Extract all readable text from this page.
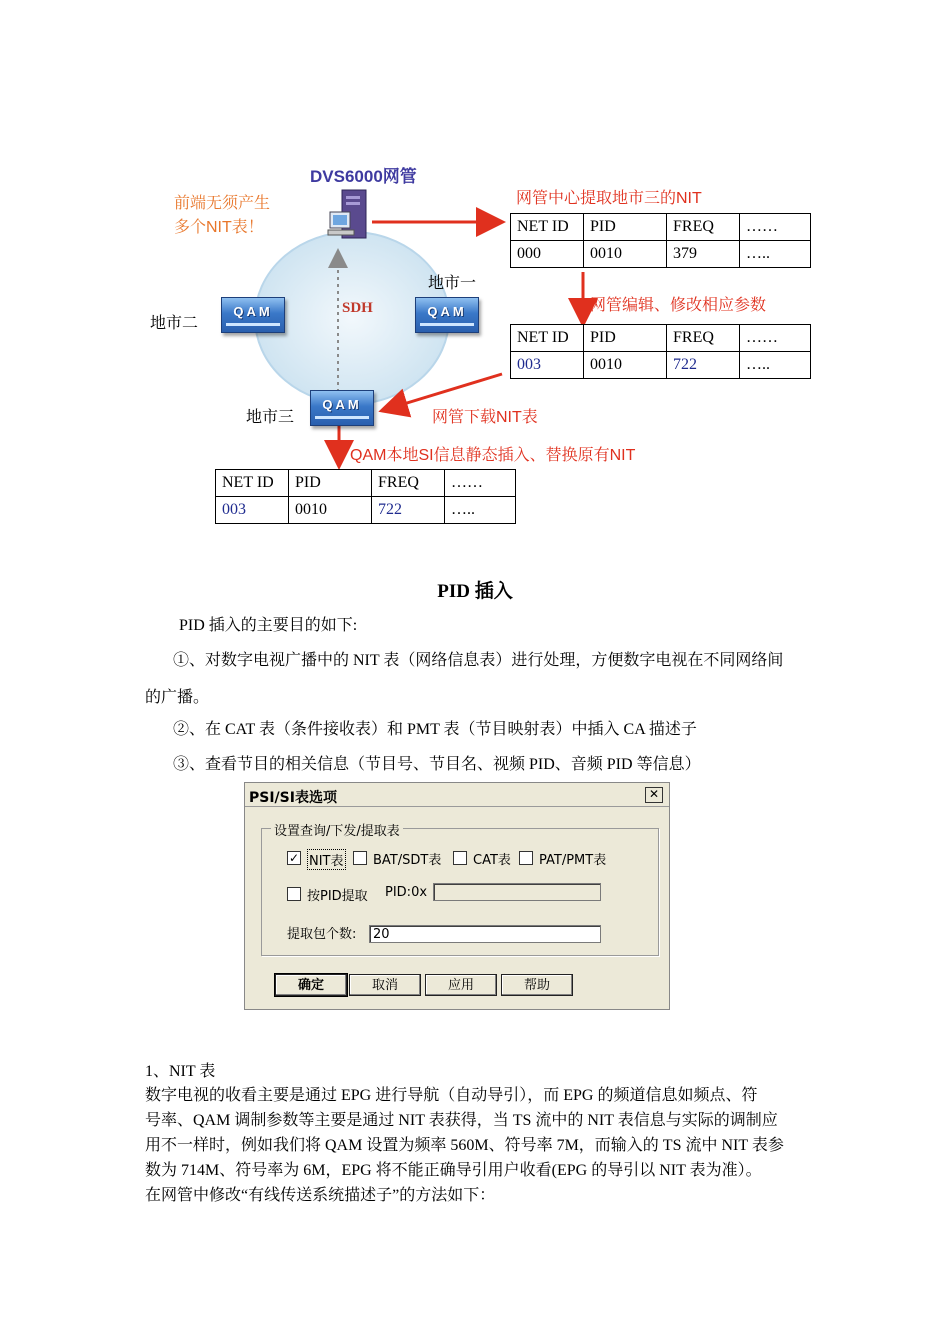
DVS6000网管
前端无须产生
多个NIT表！
网管中心提取地市三的NIT
NET ID	PID	FREQ	……
000	0010	379	…..
网管编辑、修改相应参数
NET ID	PID	FREQ	……
003	0010	722	…..
地市一
地市二
地市三
SDH
QAM	QAM
QAM
网管下载NIT表
QAM本地SI信息静态插入、替换原有NIT
NET ID	PID	FREQ	……
003	0010	722	…..
PID 插入
PID 插入的主要目的如下:
①、对数字电视广播中的 NIT 表（网络信息表）进行处理，方便数字电视在不同网络间
的广播。
②、在 CAT 表（条件接收表）和 PMT 表（节目映射表）中插入 CA 描述子
③、查看节目的相关信息（节目号、节目名、视频 PID、音频 PID 等信息）
PSI/SI表选项	✕
设置查询/下发/提取表
✓ NIT表 BAT/SDT表 CAT表 PAT/PMT表
按PID提取 PID:0x
提取包个数:	20
确定	取消	应用	帮助
1、NIT 表
数字电视的收看主要是通过 EPG 进行导航（自动导引），而 EPG 的频道信息如频点、符
号率、QAM 调制参数等主要是通过 NIT 表获得，当 TS 流中的 NIT 表信息与实际的调制应
用不一样时，例如我们将 QAM 设置为频率 560M、符号率 7M，而输入的 TS 流中 NIT 表参
数为 714M、符号率为 6M，EPG 将不能正确导引用户收看(EPG 的导引以 NIT 表为准）。
在网管中修改“有线传送系统描述子”的方法如下：
